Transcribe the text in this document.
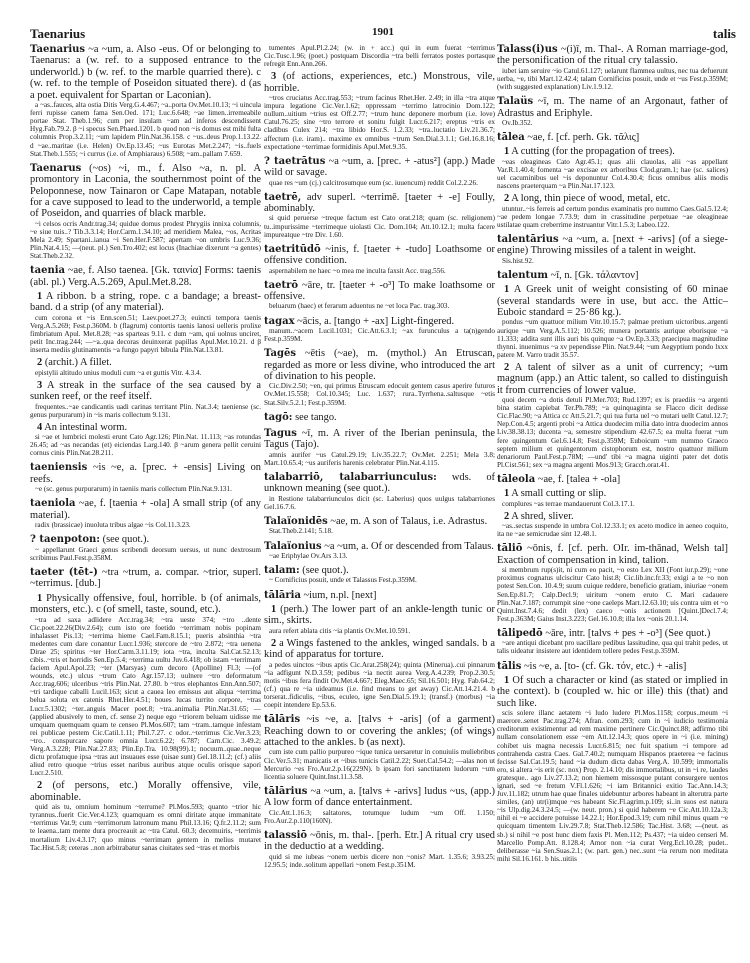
Taenarius	1901	talis

Taenarius ~a ~um, a. Also -eus. Of or belonging to Taenarus: a (w. ref. to a supposed entrance to the underworld.) b (w. ref. to the marble quarried there). c (w. ref. to the temple of Poseidon situated there). d (as a poet. equivalent for Spartan or Laconian).

a ~as..fauces, alta ostia Ditis Verg.G.4.467; ~a..porta Ov.Met.10.13; ~i uincula ferri rupisse canem fama Sen.Oed. 171; Luc.6.648; ~ae limen..irremeabile portae Stat. Theb.1.96; cum per insulam ~am ad inferos descendissent Hyg.Fab.79.2. β ~i specus Sen.Phaed.1201. b quod non ~is domus est mihi fulta columnis Prop.3.2.11; ~um lapidem Plin.Nat.36.158. c ~us..deus Prop.1.13.22. d ~ae..maritae (i.e. Helen) Ov.Ep.13.45; ~us Eurotas Met.2.247; ~is..fuels Stat.Theb.1.555; ~i currus (i.e. of Amphiaraus) 6.508; ~am..pallam 7.659.

Taenarus (~os) ~i, m., f. Also ~a, n. pl. A promontory in Laconia, the southernmost point of the Peloponnese, now Tainaron or Cape Matapan, notable for a cave supposed to lead to the underworld, a temple of Poseidon, and quarries of black marble.

~i celsos ocris Andr.trag.34; quidue domus prodest Phrygiis innixa columnis, ~e siue tuis..? Tib.3.3.14; Hor.Carm.1.34.10; ad meridiem Malea, ~os, Acritas Mela 2.49; Spartani..ianua ~i Sen.Her.F.587; apertam ~on umbris Luc.9.36; Plin.Nat.4.15; —(neut. pl.) Sen.Tro.402; est locus (Inachiae dixerunt ~a gentes) Stat.Theb.2.32.

taenia ~ae, f. Also taenea. [Gk. ταινία] Forms: taenis (abl. pl.) Verg.A.5.269, Apul.Met.8.28.

1 A ribbon. b a string, rope. c a bandage; a breast-band. d a strip (of any material).

cum corona et ~is Enn.scen.51; Laev.poet.27.3; euincti tempora taenis Verg.A.5.269; Fest.p.360M. b (flagrum) contortis taenis lanosi uelleris prolixe fimbriatum Apul. Met.8.28; ~as sparteas 9.11. c dum ~am, qui uolnus unciret, petit Inc.trag.244; —~a..qua decoras deuinxerat papillas Apul.Met.10.21. d β inserta mediis glutinamentis ~a fungo papyri bibula Plin.Nat.13.81.

2 (archit.) A fillet.

epistylii altitudo unius moduli cum ~a et guttis Vitr. 4.3.4.

3 A streak in the surface of the sea caused by a sunken reef, or the reef itself.

frequentes..~ae candicantis uadi carinas territant Plin. Nat.3.4; taeniense (sc. genus purpurarum) in ~is maris collectum 9.131.

4 An intestinal worm.

si ~ae et lumbrici molesti erunt Cato Agr.126; Plin.Nat. 11.113; ~as rotundas 26.45; ad ~as necandas (et) eiciendas Larg.140. β ~arum genera pellit ceruini cornus cinis Plin.Nat.28.211.

taeniensis ~is ~e, a. [prec. + -ensis] Living on reefs.

~e (sc. genus purpurarum) in taeniis maris collectum Plin.Nat.9.131.

taeniola ~ae, f. [taenia + -ola] A small strip (of any material).

radix (brassicae) inuoluta tribus algae ~is Col.11.3.23.

? taenpoton: (see quot.).

~ appellarunt Graeci genus scribendi deorsum uersus, ut nunc dextrosum scribimus Paul.Fest.p.358M.

taeter (tēt-) ~tra ~trum, a. compar. ~trior, superl. ~terrimus. [dub.]

1 Physically offensive, foul, horrible. b (of animals, monsters, etc.). c (of smell, taste, sound, etc.).

~tra ad saxa adlidere Acc.trag.34; ~tra ueste 374; ~tro ..dente Cic.poet.22.26(Div.2.64); cum isto ore foetido ~terrimam nobis popinam inhalasset Pis.13; ~terrima hieme Cael.Fam.8.15.1; pueris absinthia ~tra medentes cum dare conantur Lucr.1.936; stercore de ~tro 2.872; ~tra uenena Dirae 25; spiritus ~ter Hor.Carm.3.11.19; iota ~tra, inculta Sal.Cat.52.13; cibis..~tris et horridis Sen.Ep.5.4; ~terrima uultu Juv.6.418; ob istam ~terrimam faciem Apul.Apol.23; ~ter (Marsyas) cum decoro (Apolline) Fl.3; —(of wounds, etc.) ulcus ~trum Cato Agr.157.13; uulnere ~tro deformatum Acc.trag.606; ulceribus ~tris Plin.Nat. 27.80. b ~tros elephantos Enn.Ann.507; ~tri tardique caballi Lucil.163; sicut a cauea leo emissus aut aliqua ~terrima belua soluta ex catenis Rhet.Her.4.51; boues lucas turrito corpore, ~tras Lucr.5.1302; ~ter..anguis Macer poet.8; ~tra..animalia Plin.Nat.31.65; —(applied abusively to men, cf. sense 2) neque ego ~triorem beluam uidisse me umquam quemquam quam te censeo Pl.Mos.607; tam ~tram..tamque infestam rei publicae pestem Cic.Catil.1.11; Phil.7.27. c odor..~terrimus Cic.Ver.3.23; ~tro.. conspurcare sapore omnia Lucr.6.22; 6.787; Carn.Cic. 3.49.2; Verg.A.3.228; Plin.Nat.27.83; Plin.Ep.Tra. 10.98(99).1; nocuum..quae..neque dictu profatuque ipsa ~tras aut insuaues esse (uisae sunt) Gel.18.11.2; (cf.) aliis aliud retro quoque ~trius esset naribus auribus atque oculis orisque sapori Lucr.2.510.

2 (of persons, etc.) Morally offensive, vile, abominable.

quid ais tu, omnium hominum ~terrume? Pl.Mos.593; quanto ~trior hic tyrannus..fuerit Cic.Ver.4.123; quamquam es omni diritate atque immanitate ~terrimus Vat.9; cum ~terrimorum latronum manu Phil.13.16; Q.fr.2.11.2; sum te leaena..tam mente dura procreauit ac ~tra Catul. 60.3; decemuiris, ~terrimis mortalium Liv.4.3.17; quo minus ~terrimam gentem in melius mutaret Tac.Hist.5.8; ceteras ..non arbitrabatur sanas ciuitates sed ~tras et morbis

tumentes Apul.Pl.2.24; (w. in + acc.) qui in eum fuerat ~terrimus Cic.Tusc.1.96; (poet.) postquam Discordia ~tra belli ferratos postes portasque refregit Enn.Ann.266.

3 (of actions, experiences, etc.) Monstrous, vile, horrible.

~tros cruciatus Acc.trag.553; ~trum facinus Rhet.Her. 2.49; in illa ~tra atque impura legatione Cic.Ver.1.62; oppressam ~terrimo latrocinio Dom.122; nullum..uitium ~trius est Off.2.77; ~trum hunc deponere morbum (i.e. love) Catul.76.25; sine ~tro terrore et sonitu fulgit Lucr.6.217; ereptus ~tris ex cladibus Culex 214; ~tra libido Hor.S. 1.2.33; ~tra..luctatio Liv.21.36.7; affectum (i.e. iram).. maxime ex omnibus ~trum Sen.Dial.3.1.1; Gel.16.8.16; expectatione ~terrimae formidinis Apul.Met.9.35.

? taetrātus ~a ~um, a. [prec. + -atus²] (app.) Made wild or savage.

quae res ~um (cj.) calcitrosumque eum (sc. iuuencum) reddit Col.2.2.26.

taetrē, adv superl. ~terrimē. [taeter + -e] Foully, abominably.

si quid peruerse ~treque factum est Cato orat.218; quam (sc. religionem) tu..impurissime ~terrimeque uiolasti Cic. Dom.104; Att.10.12.1; multa facere impureatque ~tre Div. 1.60.

taetritūdō ~inis, f. [taeter + -tudo] Loathsome or offensive condition.

aspernabilem ne haec ~o mea me inculta faxsit Acc. trag.556.

taetrō ~āre, tr. [taeter + -o³] To make loathsome or offensive.

beluarum (haec) et ferarum aduentus ne ~et loca Pac. trag.303.

tagax ~ācis, a. [tango + -ax] Light-fingered.

manum..~acem Lucil.1031; Cic.Att.6.3.1; ~ax furunculus a ta(n)gendo Fest.p.359M.

Tagēs ~ētis (~ae), m. (mythol.) An Etruscan, regarded as more or less divine, who introduced the art of divination to his people.

Cic.Div.2.50; ~en, qui primus Etruscam edocuit gentem casus aperire futuros Ov.Met.15.558; Col.10.345; Luc. 1.637; rura..Tyrrhena..saltusque ~etis Stat.Silv.5.2.1; Fest.p.359M.

tagō: see tango.

Tagus ~ī, m. A river of the Iberian peninsula, the Tagus (Tajo).

amnis aurifer ~us Catul.29.19; Liv.35.22.7; Ov.Met. 2.251; Mela 3.8; Mart.10.65.4; ~us auriferis harenis celebratur Plin.Nat.4.115.

talabarriō, talabarriunculus: wds. of unknown meaning (see quot.).

in Restione talabarriunculos dicit (sc. Laberius) quos uulgus talabarriones Gel.16.7.6.

Talaïonidēs ~ae, m. A son of Talaus, i.e. Adrastus.

Stat.Theb.2.141; 5.18.

Talaïonius ~a ~um, a. Of or descended from Talaus.

~ae Eriphylae Ov.Ars 3.13.

talam: (see quot.).

~ Cornificius posuit, unde et Talassus Fest.p.359M.

tālāria ~ium, n.pl. [next]

1 (perh.) The lower part of an ankle-length tunic or sim., skirts.

aura refert ablata citis ~ia plantis Ov.Met.10.591.

2 a Wings fastened to the ankles, winged sandals. b a kind of apparatus for torture.

a pedes uinctos ~ibus aptis Cic.Arat.258(24); quinta (Minerua)..cui pinnarum ~ia adfigunt N.D.3.59; pedibus ~ia nectit aurea Verg.A.4.239; Prop.2.30.5; motis ~ibus fera findit Ov.Met.4.667; Eleg.Maec.65; Sil.16.501; Hyg. Fab.64.2; (cf.) qua re ~ia uideamus (i.e. find means to get away) Cic.Att.14.21.4. b torserat..fidiculis, ~ibus, eculeo, igne Sen.Dial.5.19.1; (transf.) (morbus) ~ia coepit intendere Ep.53.6.

tālāris ~is ~e, a. [talvs + -aris] (of a garment) Reaching down to or covering the ankles; (of wings) attached to the ankles. b (as next).

cum iste cum pallio purpureo ~ique tunica uersaretur in conuiuiis muliebribus Cic.Ver.5.31; manicatis et ~ibus tunicis Catil.2.22; Suet.Cal.54.2; —alas non ut Mercurio ~es Fro.Aur.2.p.16(229N). b ipsam fori sanctitatem ludorum ~um licentia soluere Quint.Inst.11.3.58.

tālārius ~a ~um, a. [talvs + -arivs] ludus ~us, (app.) A low form of dance entertainment.

Cic.Att.1.16.3; saltatores, totumque ludum ~um Off. 1.150; Fro.Aur.2.p.110(160N).

talassiō ~ōnis, m. thal-. [perh. Etr.] A ritual cry used in the deductio at a wedding.

quid si me iubeas ~onem uerbis dicere non ~onis? Mart. 1.35.6; 3.93.25; 12.95.5; inde..solitum appellari ~onem Fest.p.351M.

Talass(i)us ~(i)ī, m. Thal-. A Roman marriage-god, the personification of the ritual cry talassio.

iubet iam seruire ~io Catul.61.127; uelarunt flammea uultus, nec tua defuerunt uerba, ~e, tibi Mart.12.42.4; talam Cornificius posuit, unde et ~us Fest.p.359M; (with suggested explanation) Liv.1.9.12.

Talaüs ~ī, m. The name of an Argonaut, father of Adrastus and Eriphyle.

Ov.Ib.352.

tālea ~ae, f. [cf. perh. Gk. τᾶλις]

1 A cutting (for the propagation of trees).

~eas oleagineas Cato Agr.45.1; quas alii clauolas, alii ~as appellant Var.R.1.40.4; fomenta ~ae excisae ex arboribus Clod.gram.1; hae (sc. salices) uel cacuminibus uel ~is deponuntur Col.4.30.4; ficus omnibus aliis modis nascens praeterquam ~a Plin.Nat.17.123.

2 A long, thin piece of wood, metal, etc.

utuntur..~is ferreis ad certum pondus examinatis pro nummo Caes.Gal.5.12.4; ~ae pedem longae 7.73.9; dum in crassitudine perpetuae ~ae oleagineae ustilatae quam creberrime instruantur Vitr.1.5.3; Labeo.122.

talentārius ~a ~um, a. [next + -arivs] (of a siege-engine) Throwing missiles of a talent in weight.

Sis.hist.92.

talentum ~ī, n. [Gk. τάλαντον]

1 A Greek unit of weight consisting of 60 minae (several standards were in use, but acc. the Attic–Euboic standard = 25·86 kg.).

pondus ~um quattuor milium Vitr.10.15.7; palmae pretium uictoribus..argenti aurique ~um Verg.A.5.112; 10.526; munera portantis aurique eborisque ~a 11.333; addita sunt illis auri bis quinque ~a Ov.Ep.3.33; praecipua magnitudine thynni. inuenimus ~a xv pependisse Plin. Nat.9.44; ~um Aegyptium pondo lxxx patere M. Varro tradit 35.57.

2 A talent of silver as a unit of currency; ~um magnum (app.) an Attic talent, so called to distinguish it from currencies of lower value.

quoi decem ~a dotis detuli Pl.Mer.703; Rud.1397; ex is praediis ~a argenti bina statim capiebat Ter.Ph.789; ~a quinquaginta se Flacco dicit dedisse Cic.Flac.90; ~a Attica cc Att.5.21.7; qui tua furta uel ~o mutari uellt Catul.12.7; Nep.Con.4.5; argenti probi ~a Attica duodecim milia dato intra duodecim annos Liv.38.38.13; ducenta ~a, semestre stipendium 42.67.5; ea multa fuerat ~um fere quingentum Gel.6.14.8; Fest.p.359M; Euboicum ~um nummo Graeco septem milium et quingentorum cistophorum est, nostro quattuor milium denariorum Paul.Fest.p.78M; —und' tibi ~a magna uiginti pater det dotis Pl.Cist.561; sex ~a magna argenti Mos.913; Gracch.orat.41.

tāleola ~ae, f. [talea + -ola]

1 A small cutting or slip.

complures ~as terrae mandauerunt Col.3.17.1.

2 A shred, sliver.

~as..sectas suspende in umbra Col.12.33.1; ex aceto modice in aeneo coquito, ita ne ~ae semicrudae sint 12.48.1.

tāliō ~ōnis, f. [cf. perh. OIr. im-thānad, Welsh tal] Exaction of compensation in kind, talion.

si membrum rup(s)it, ni cum eo pacit, ~o esto Lex XII (Font iur.p.29); ~one proximus cognatus ulciscitur Cato hist.8; Cic.lib.inc.fr.33; exigi a te ~o non potest Sen.Con. 10.4.9; suum cuique reddere, beneficio gratiam, iniuriae ~onem Sen.Ep.81.7; Calp.Decl.9; uiritum ~onem eruto C. Mari cadauere Plin.Nat.7.187; corrumpit sine ~one caeleps Mart.12.63.10; uis contra uim et ~o Quint.Inst.7.4.6; dedit (lex) caeco ~onis actionem [Quint.]Decl.7.4; Fest.p.363M; Gaius Inst.3.223; Gel.16.10.8; illa lex ~onis 20.1.14.

tālipedō ~āre, intr. [talvs + pes + -o³] (See quot.)

~are antiqui dicebant pro uacillare pedibus lassitudine, qua qui trahit pedes, ut talis uideatur insistere aut identidem tollere pedes Fest.p.359M.

tālis ~is ~e, a. [to- (cf. Gk. τόν, etc.) + -alis]

1 Of such a character or kind (as stated or implied in the context). b (coupled w. hic or ille) this (that) and such like.

scis solere illanc aetatem ~i ludo ludere Pl.Mos.1158; corpus..meum ~i maerore..senet Pac.trag.274; Afran. com.293; cum in ~i iudicio testimonia creditorum existimentur ad rem maxime pertinere Cic.Quinct.88; adfirmo tibi nullam consolationem esse ~em Att.12.14.3; quos opere in ~i (i.e. mining) cohibet uis magna necessis Lucr.6.815; nec fuit spatium ~i tempore ad contrahenda castra Caes. Gal.7.40.2; numquam Hispanos praeterea ~e facinus fecisse Sal.Cat.19.5; haud ~ia dudum dicta dabas Verg.A. 10.599; immortalis ero, si altera ~is erit (sc. nox) Prop. 2.14.10; dis immortalibus, ut in ~i re, laudes gratesque.. ago Liv.27.13.2; non hiemem missosque putant consurgere uentos ignari, sed ~e fretum V.Fl.1.626; ~i iam Britannici exitio Tac.Ann.14.3; Juv.11.182; utrum hae quae finales uidebuntur arbores habeant in alterutra parte similes, (an) utr(i)mque ~es habeant Sic.Fl.agrim.p.109; si..in suos est natura ~is Ulp.dig.24.3.24.5; —(w. neut. pron.) si quid haberem ~e Cic.Att.10.12a.3; nihil ei ~e accidere potuisse 14.22.1; Hor.Epod.3.19; cum nihil minus quam ~e quicquam timentem Liv.29.7.8; Stat.Theb.12.586; Tac.Hist. 3.68; —(neut. as sb.) si nihil ~e post hunc diem faxis Pl. Men.112; Ps.437; ~ia uideo censeri M. Marcello Pomp.Att. 8.128.4; Amor non ~ia curat Verg.Ecl.10.28; pudet.. deliberasse ~ia Sen.Suas.2.1; (w. part. gen.) nec..sunt ~ia rerum non meditata mihi Sil.16.161. b his..uitiis
